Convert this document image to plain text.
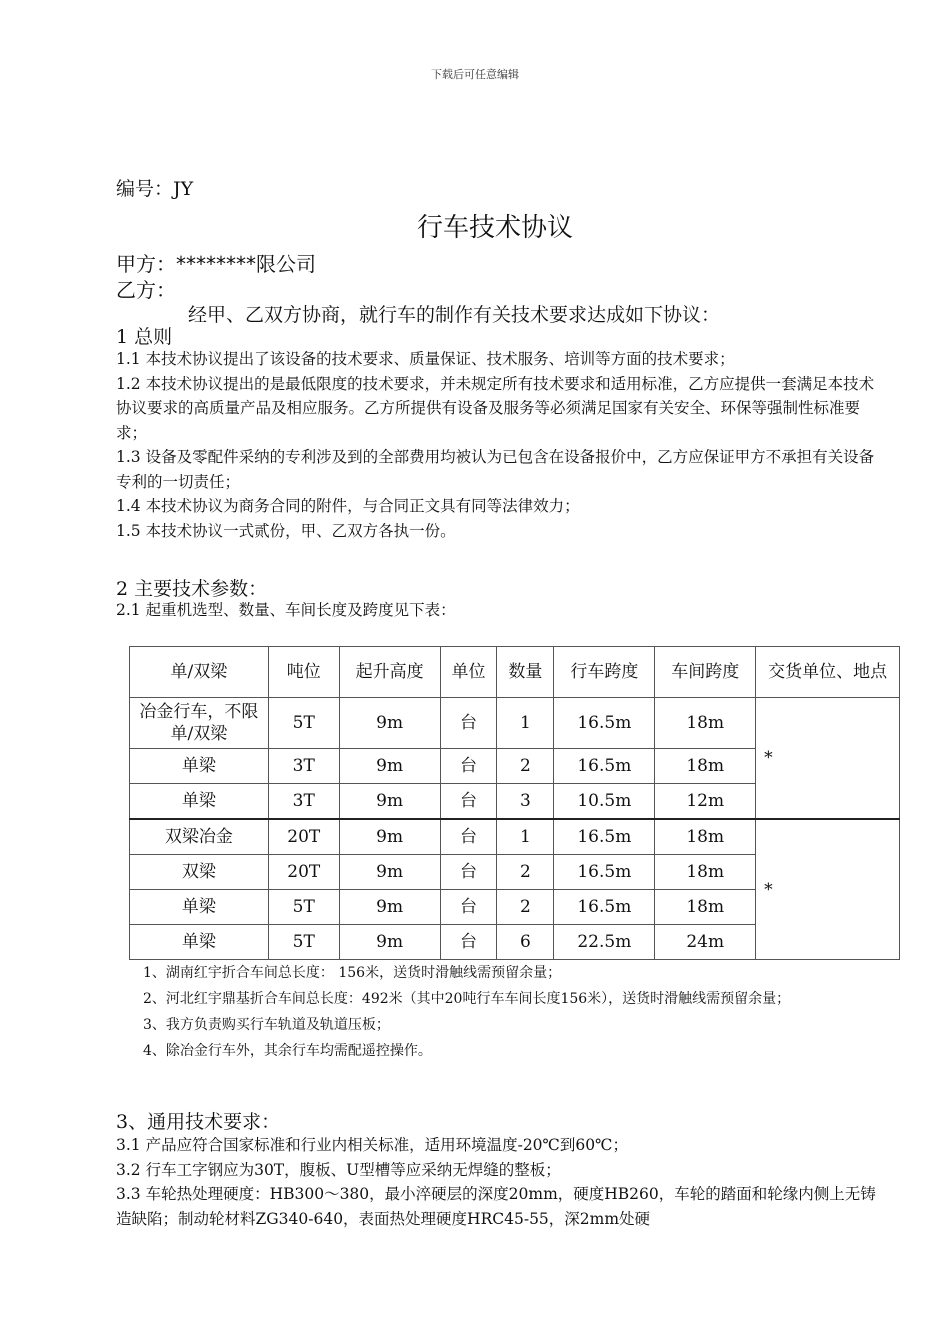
下载后可任意编辑
编号：JY
行车技术协议
甲方：********限公司
乙方：
经甲、乙双方协商，就行车的制作有关技术要求达成如下协议：
1 总则
1.1 本技术协议提出了该设备的技术要求、质量保证、技术服务、培训等方面的技术要求；
1.2 本技术协议提出的是最低限度的技术要求，并未规定所有技术要求和适用标准，乙方应提供一套满足本技术协议要求的高质量产品及相应服务。乙方所提供有设备及服务等必须满足国家有关安全、环保等强制性标准要求；
1.3 设备及零配件采纳的专利涉及到的全部费用均被认为已包含在设备报价中，乙方应保证甲方不承担有关设备专利的一切责任；
1.4 本技术协议为商务合同的附件，与合同正文具有同等法律效力；
1.5 本技术协议一式贰份，甲、乙双方各执一份。
2 主要技术参数：
2.1 起重机选型、数量、车间长度及跨度见下表：
单/双梁	吨位	起升高度	单位	数量	行车跨度	车间跨度	交货单位、地点
冶金行车，不限单/双梁	5T	9m	台	1	16.5m	18m	*
单梁	3T	9m	台	2	16.5m	18m	
单梁	3T	9m	台	3	10.5m	12m	
双梁冶金	20T	9m	台	1	16.5m	18m	*
双梁	20T	9m	台	2	16.5m	18m	
单梁	5T	9m	台	2	16.5m	18m	
单梁	5T	9m	台	6	22.5m	24m	
1、湖南红宇折合车间总长度： 156米，送货时滑触线需预留余量；
2、河北红宇鼎基折合车间总长度：492米（其中20吨行车车间长度156米），送货时滑触线需预留余量；
3、我方负责购买行车轨道及轨道压板；
4、除冶金行车外，其余行车均需配遥控操作。
3、通用技术要求：
3.1 产品应符合国家标准和行业内相关标准，适用环境温度-20℃到60℃；
3.2 行车工字钢应为30T，腹板、U型槽等应采纳无焊缝的整板；
3.3 车轮热处理硬度：HB300～380，最小淬硬层的深度20mm，硬度HB260，车轮的踏面和轮缘内侧上无铸造缺陷；制动轮材料ZG340-640，表面热处理硬度HRC45-55，深2mm处硬
